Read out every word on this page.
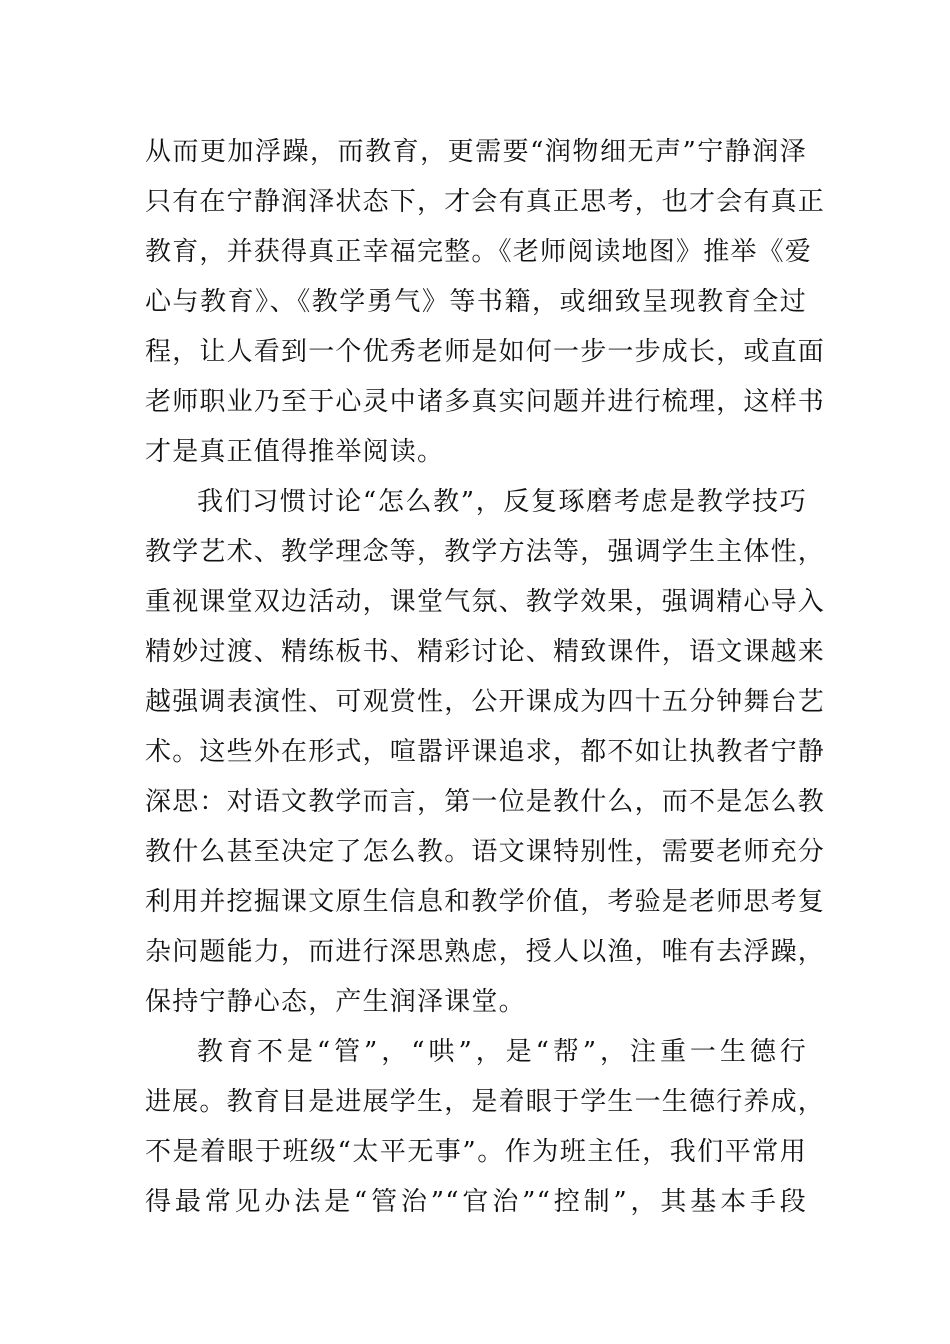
从而更加浮躁，而教育，更需要“润物细无声”宁静润泽
只有在宁静润泽状态下，才会有真正思考，也才会有真正
教育，并获得真正幸福完整。《老师阅读地图》推举《爱
心与教育》、《教学勇气》等书籍，或细致呈现教育全过
程，让人看到一个优秀老师是如何一步一步成长，或直面
老师职业乃至于心灵中诸多真实问题并进行梳理，这样书
才是真正值得推举阅读。
我们习惯讨论“怎么教”，反复琢磨考虑是教学技巧
教学艺术、教学理念等，教学方法等，强调学生主体性，
重视课堂双边活动，课堂气氛、教学效果，强调精心导入
精妙过渡、精练板书、精彩讨论、精致课件，语文课越来
越强调表演性、可观赏性，公开课成为四十五分钟舞台艺
术。这些外在形式，喧嚣评课追求，都不如让执教者宁静
深思：对语文教学而言，第一位是教什么，而不是怎么教
教什么甚至决定了怎么教。语文课特别性，需要老师充分
利用并挖掘课文原生信息和教学价值，考验是老师思考复
杂问题能力，而进行深思熟虑，授人以渔，唯有去浮躁，
保持宁静心态，产生润泽课堂。
教育不是“管”，“哄”，是“帮”，注重一生德行
进展。教育目是进展学生，是着眼于学生一生德行养成，
不是着眼于班级“太平无事”。作为班主任，我们平常用
得最常见办法是“管治”“官治”“控制”，其基本手段
